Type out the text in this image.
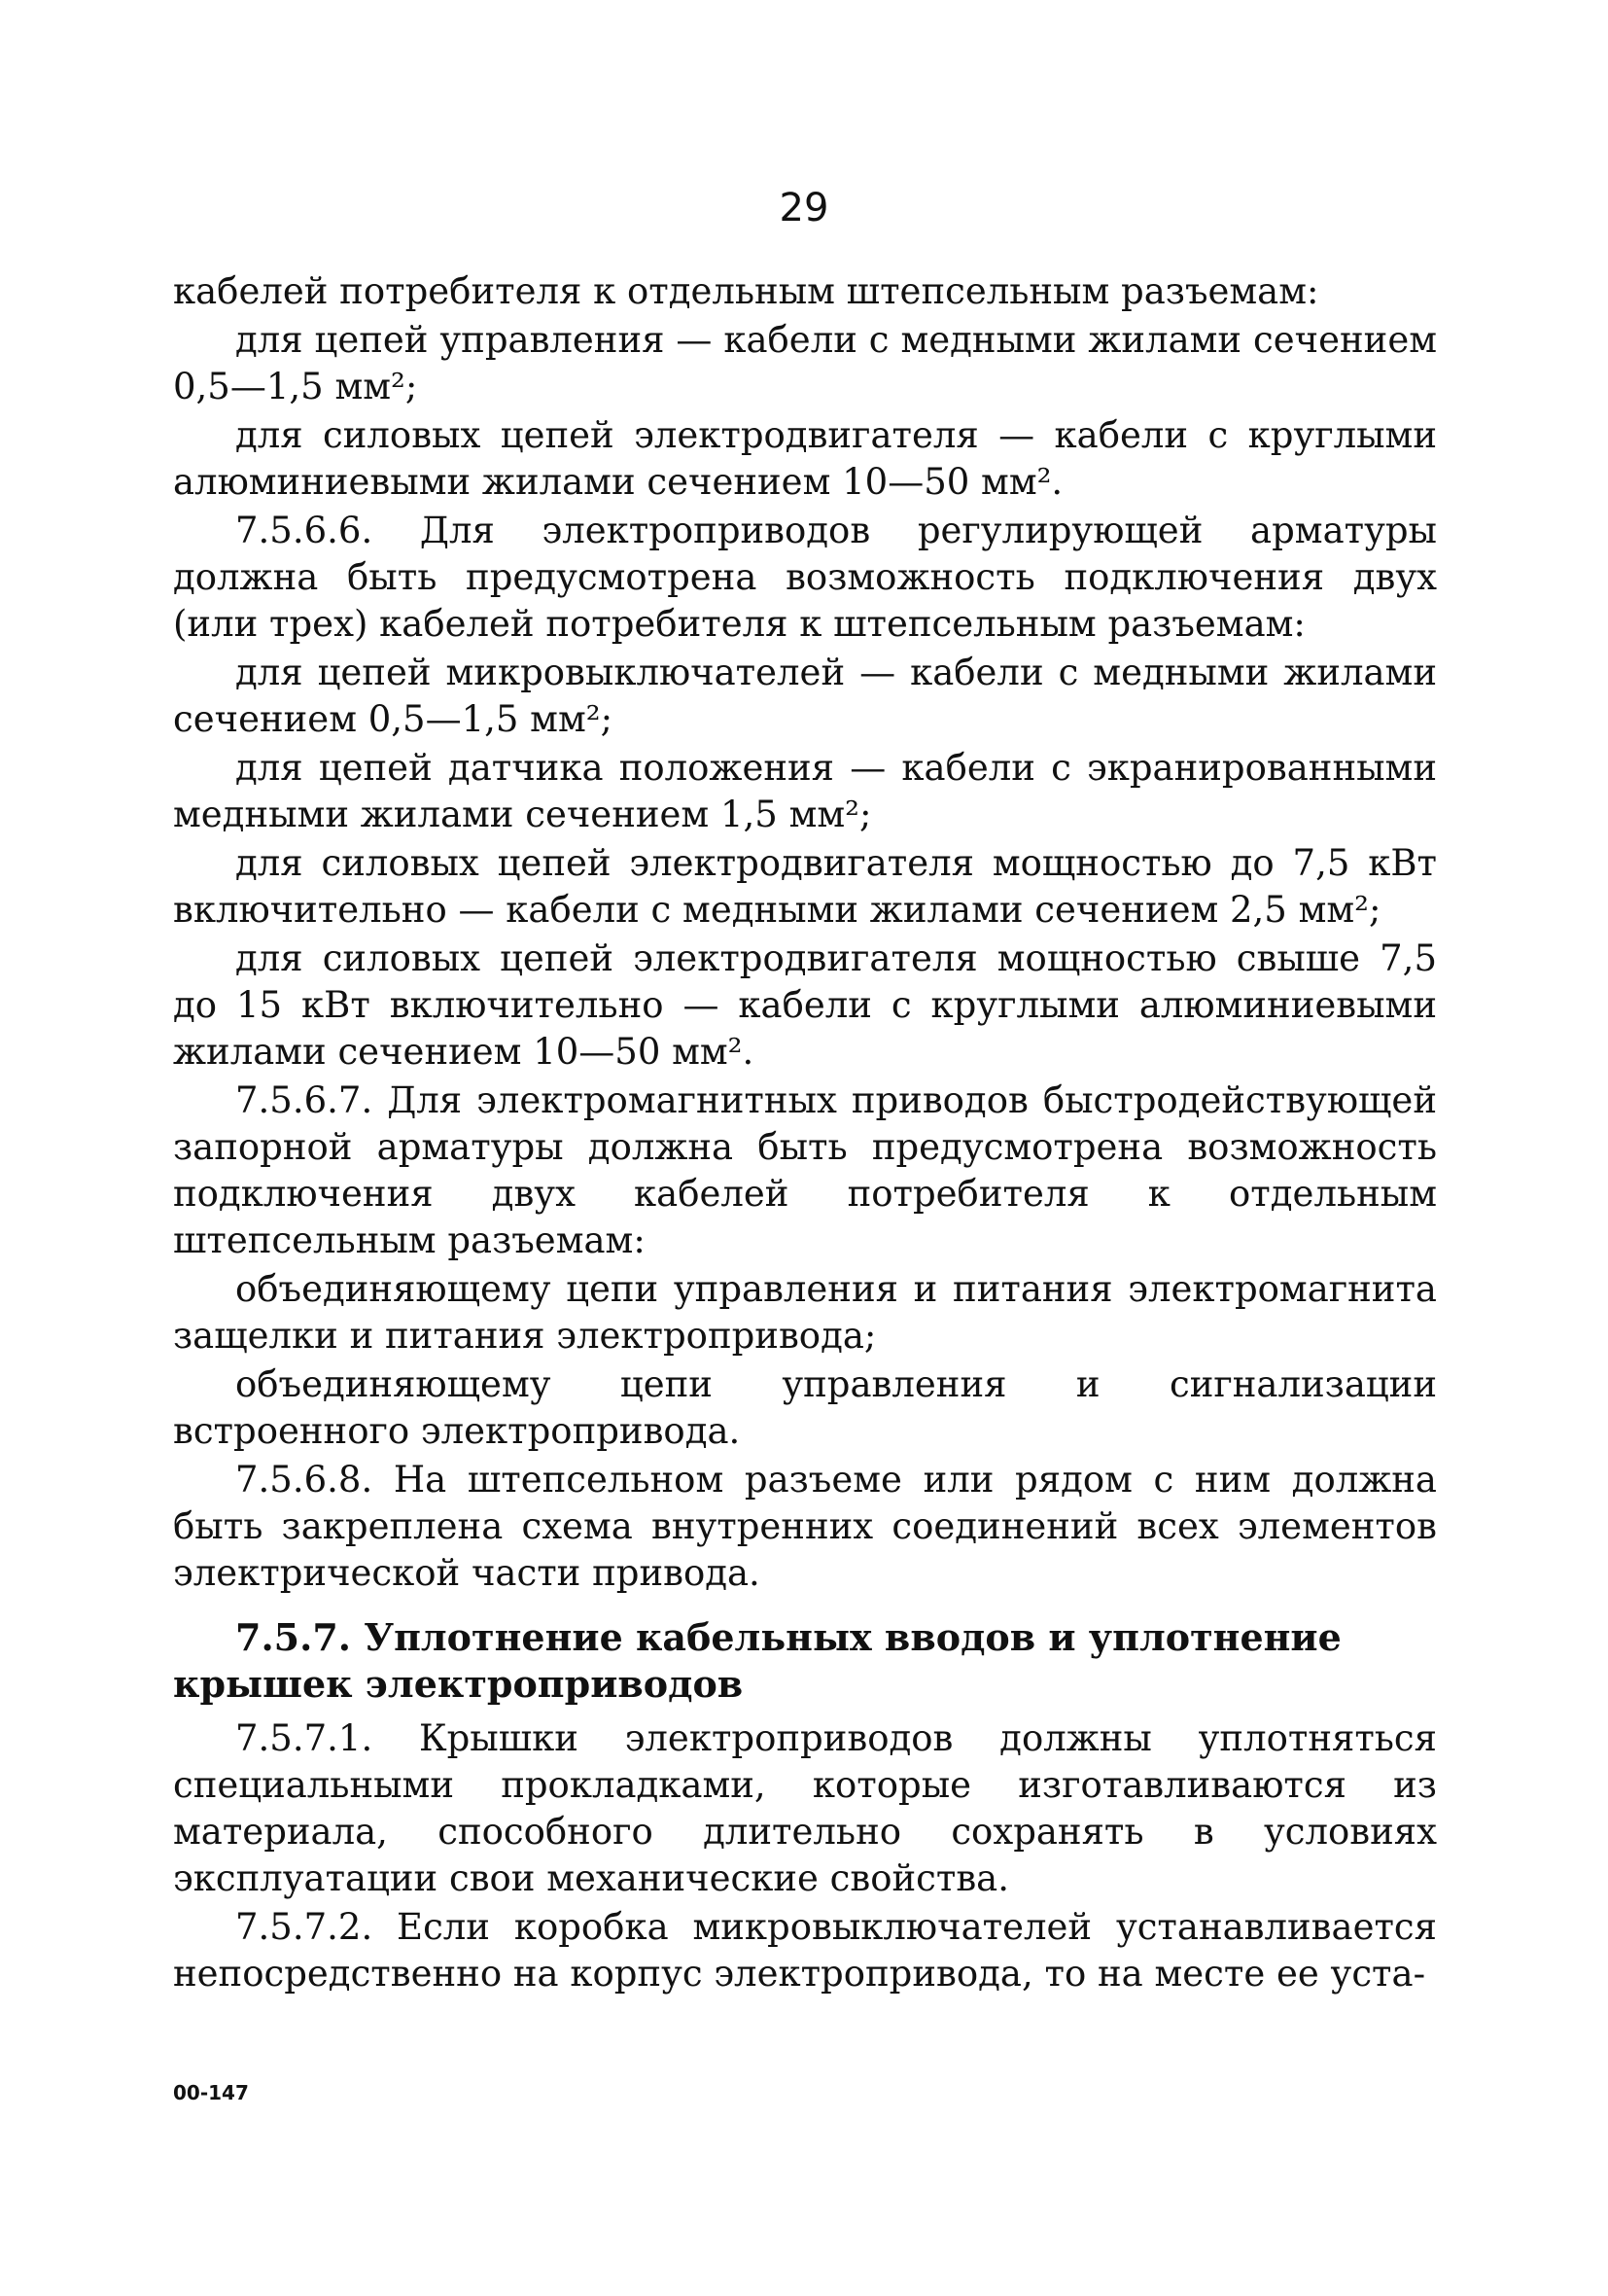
29

кабелей потребителя к отдельным штепсельным разъемам:

для цепей управления — кабели с медными жилами сечением 0,5—1,5 мм²;

для силовых цепей электродвигателя — кабели с круглыми алюминиевыми жилами сечением 10—50 мм².

7.5.6.6. Для электроприводов регулирующей арматуры должна быть предусмотрена возможность подключения двух (или трех) кабелей потребителя к штепсельным разъемам:

для цепей микровыключателей — кабели с медными жилами сечением 0,5—1,5 мм²;

для цепей датчика положения — кабели с экранированными медными жилами сечением 1,5 мм²;

для силовых цепей электродвигателя мощностью до 7,5 кВт включительно — кабели с медными жилами сечением 2,5 мм²;

для силовых цепей электродвигателя мощностью свыше 7,5 до 15 кВт включительно — кабели с круглыми алюминиевыми жилами сечением 10—50 мм².

7.5.6.7. Для электромагнитных приводов быстродействующей запорной арматуры должна быть предусмотрена возможность подключения двух кабелей потребителя к отдельным штепсельным разъемам:

объединяющему цепи управления и питания электромагнита защелки и питания электропривода;

объединяющему цепи управления и сигнализации встроенного электропривода.

7.5.6.8. На штепсельном разъеме или рядом с ним должна быть закреплена схема внутренних соединений всех элементов электрической части привода.

7.5.7. Уплотнение кабельных вводов и уплотнение крышек электроприводов

7.5.7.1. Крышки электроприводов должны уплотняться специальными прокладками, которые изготавливаются из материала, способного длительно сохранять в условиях эксплуатации свои механические свойства.

7.5.7.2. Если коробка микровыключателей устанавливается непосредственно на корпус электропривода, то на месте ее уста-

00-147
